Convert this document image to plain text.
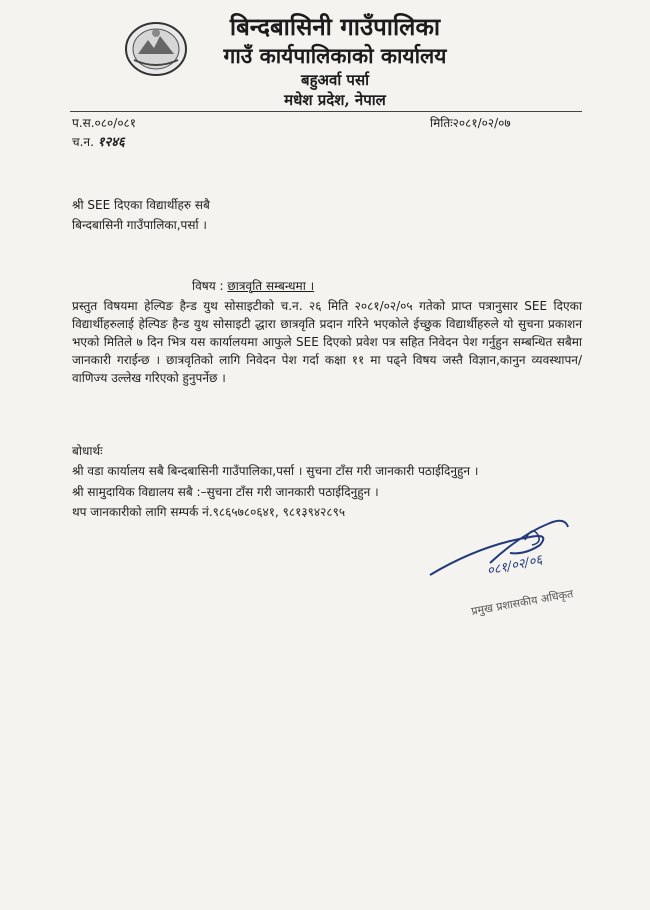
बिन्दबासिनी गाउँपालिका
गाउँ कार्यपालिकाको कार्यालय
बहुअर्वा पर्सा
मधेश प्रदेश, नेपाल
प.स.०८०/०८१
च.न. १२४६
मितिः२०८१/०२/०७
श्री SEE दिएका विद्यार्थीहरु सबै
बिन्दबासिनी गाउँपालिका,पर्सा ।
विषय : छात्रवृति सम्बन्धमा ।
प्रस्तुत विषयमा हेल्पिङ हैन्ड युथ सोसाइटीको च.न. २६ मिति २०८१/०२/०५ गतेको प्राप्त पत्रानुसार SEE दिएका विद्यार्थीहरुलाई हेल्पिङ हैन्ड युथ सोसाइटी द्धारा छात्रवृति प्रदान गरिने भएकोले ईच्छुक विद्यार्थीहरुले यो सुचना प्रकाशन भएको मितिले ७ दिन भित्र यस कार्यालयमा आफुले SEE दिएको प्रवेश पत्र सहित निवेदन पेश गर्नुहुन सम्बन्धित सबैमा जानकारी गराईन्छ । छात्रवृतिको लागि निवेदन पेश गर्दा कक्षा ११ मा पढ्ने विषय जस्तै विज्ञान,कानुन व्यवस्थापन/वाणिज्य उल्लेख गरिएको हुनुपर्नेछ ।
बोधार्थः
श्री वडा कार्यालय सबै बिन्दबासिनी गाउँपालिका,पर्सा । सुचना टाँस गरी जानकारी पठाईदिनुहुन ।
श्री सामुदायिक विद्यालय सबै :–सुचना टाँस गरी जानकारी पठाईदिनुहुन ।
थप जानकारीको लागि सम्पर्क नं.९८६५७८०६४१, ९८१३९४२८९५
०८१/०२/०६
प्रमुख प्रशासकीय अधिकृत
